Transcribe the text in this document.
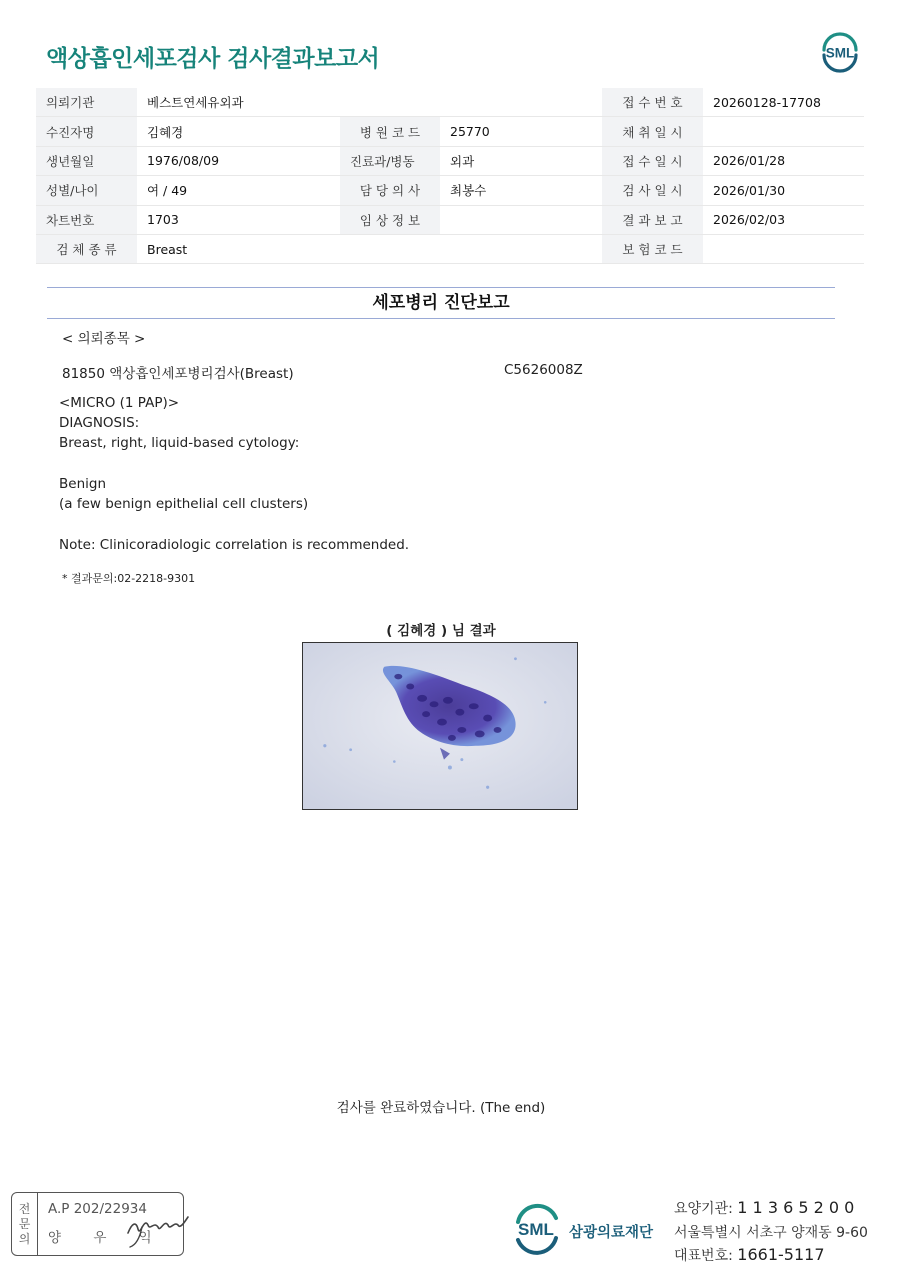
액상흡인세포검사 검사결과보고서	SML
의뢰기관	베스트연세유외과			접 수 번 호	20260128-17708
수진자명	김혜경	병 원 코 드	25770	채 취 일 시	
생년월일	1976/08/09	진료과/병동	외과	접 수 일 시	2026/01/28
성별/나이	여 / 49	담 당 의 사	최봉수	검 사 일 시	2026/01/30
차트번호	1703	임 상 정 보		결 과 보 고	2026/02/03
검 체 종 류	Breast			보 험 코 드	
세포병리 진단보고
< 의뢰종목 >
81850 액상흡인세포병리검사(Breast)	C5626008Z
<MICRO (1 PAP)>
DIAGNOSIS:
Breast, right, liquid-based cytology:
Benign
(a few benign epithelial cell clusters)
Note: Clinicoradiologic correlation is recommended.
* 결과문의:02-2218-9301
( 김혜경 ) 님 결과
검사를 완료하였습니다. (The end)
전
문
의
A.P 202/22934
양 우 익	SML 삼광의료재단
요양기관: 1 1 3 6 5 2 0 0
서울특별시 서초구 양재동 9-60
대표번호: 1661-5117
